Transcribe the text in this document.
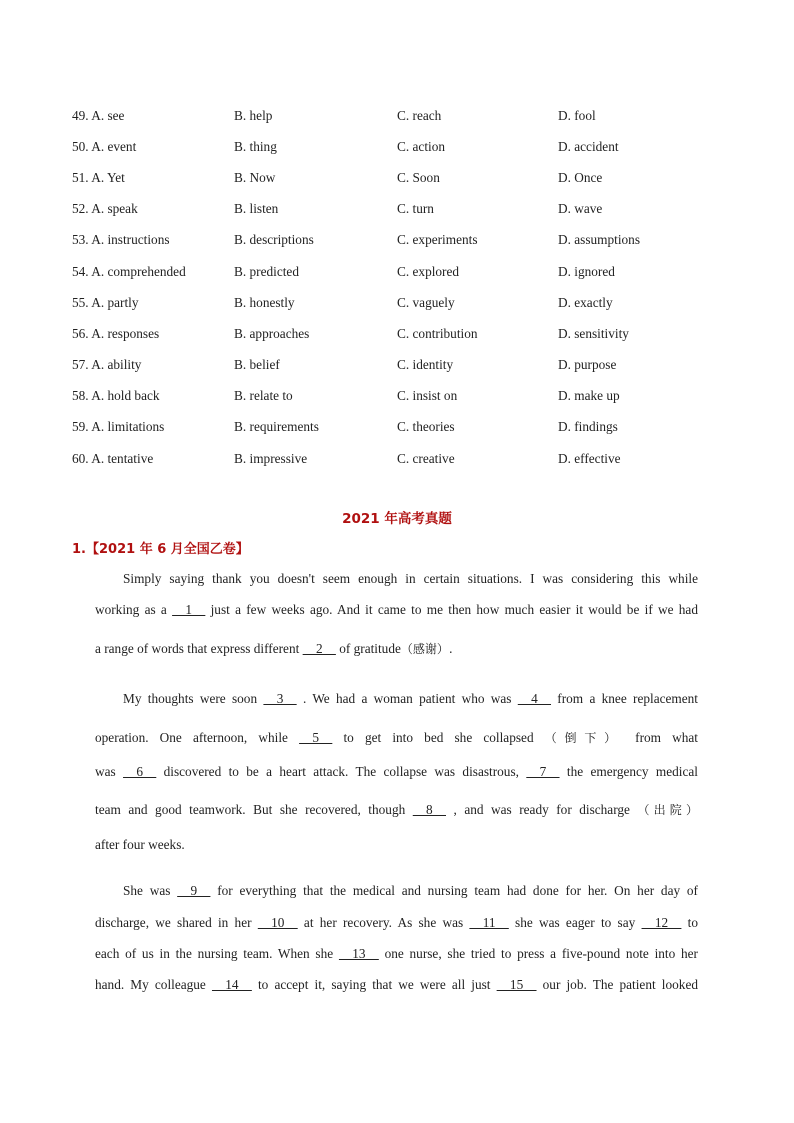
49. A. see	B. help	C. reach	D. fool
50. A. event	B. thing	C. action	D. accident
51. A. Yet	B. Now	C. Soon	D. Once
52. A. speak	B. listen	C. turn	D. wave
53. A. instructions	B. descriptions	C. experiments	D. assumptions
54. A. comprehended	B. predicted	C. explored	D. ignored
55. A. partly	B. honestly	C. vaguely	D. exactly
56. A. responses	B. approaches	C. contribution	D. sensitivity
57. A. ability	B. belief	C. identity	D. purpose
58. A. hold back	B. relate to	C. insist on	D. make up
59. A. limitations	B. requirements	C. theories	D. findings
60. A. tentative	B. impressive	C. creative	D. effective
2021 年高考真题
1.【2021 年 6 月全国乙卷】
Simply saying thank you doesn't seem enough in certain situations. I was considering this while
working as a     1     just a few weeks ago. And it came to me then how much easier it would be if we had
a range of words that express different     2     of gratitude（感谢）.
My thoughts were soon     3     . We had a woman patient who was     4     from a knee replacement
operation. One afternoon, while     5     to get into bed she collapsed （倒下） from what
was     6     discovered to be a heart attack. The collapse was disastrous,     7     the emergency medical
team and good teamwork. But she recovered, though     8     , and was ready for discharge （出院）
after four weeks.
She was     9     for everything that the medical and nursing team had done for her. On her day of
discharge, we shared in her     10     at her recovery. As she was     11     she was eager to say     12     to
each of us in the nursing team. When she     13     one nurse, she tried to press a five-pound note into her
hand. My colleague     14     to accept it, saying that we were all just     15     our job. The patient looked
